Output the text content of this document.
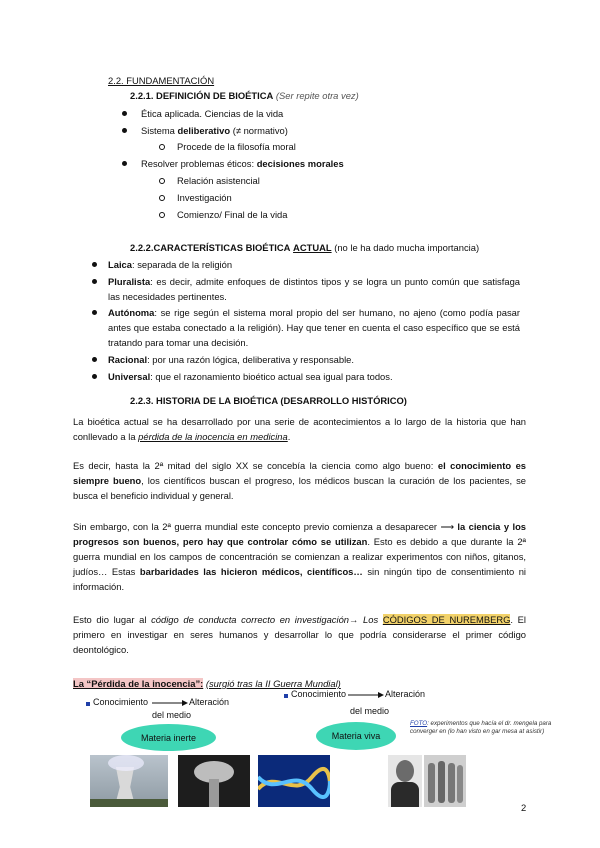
2.2. FUNDAMENTACIÓN
2.2.1. DEFINICIÓN DE BIOÉTICA (Ser repite otra vez)
Ética aplicada. Ciencias de la vida
Sistema deliberativo (≠ normativo)
Procede de la filosofía moral
Resolver problemas éticos: decisiones morales
Relación asistencial
Investigación
Comienzo/ Final de la vida
2.2.2.CARACTERÍSTICAS BIOÉTICA ACTUAL (no le ha dado mucha importancia)
Laica: separada de la religión
Pluralista: es decir, admite enfoques de distintos tipos y se logra un punto común que satisfaga las necesidades pertinentes.
Autónoma: se rige según el sistema moral propio del ser humano, no ajeno (como podía pasar antes que estaba conectado a la religión). Hay que tener en cuenta el caso específico que se está tratando para tomar una decisión.
Racional: por una razón lógica, deliberativa y responsable.
Universal: que el razonamiento bioético actual sea igual para todos.
2.2.3. HISTORIA DE LA BIOÉTICA (DESARROLLO HISTÓRICO)
La bioética actual se ha desarrollado por una serie de acontecimientos a lo largo de la historia que han conllevado a la pérdida de la inocencia en medicina.
Es decir, hasta la 2ª mitad del siglo XX se concebía la ciencia como algo bueno: el conocimiento es siempre bueno, los científicos buscan el progreso, los médicos buscan la curación de los pacientes, se busca el beneficio individual y general.
Sin embargo, con la 2ª guerra mundial este concepto previo comienza a desaparecer ⟶ la ciencia y los progresos son buenos, pero hay que controlar cómo se utilizan. Esto es debido a que durante la 2ª guerra mundial en los campos de concentración se comienzan a realizar experimentos con niños, gitanos, judíos… Estas barbaridades las hicieron médicos, científicos… sin ningún tipo de consentimiento ni información.
Esto dio lugar al código de conducta correcto en investigación→ Los CÓDIGOS DE NUREMBERG. El primero en investigar en seres humanos y desarrollar lo que podría considerarse el primer código deontológico.
La “Pérdida de la inocencia”: (surgió tras la II Guerra Mundial)
Conocimiento	Alteración
del medio
Materia inerte
Conocimiento	Alteración
del medio
Materia viva
FOTO: experimentos que hacía el dr. mengela para converger en (lo han visto en gar mesa at asistir)
2
